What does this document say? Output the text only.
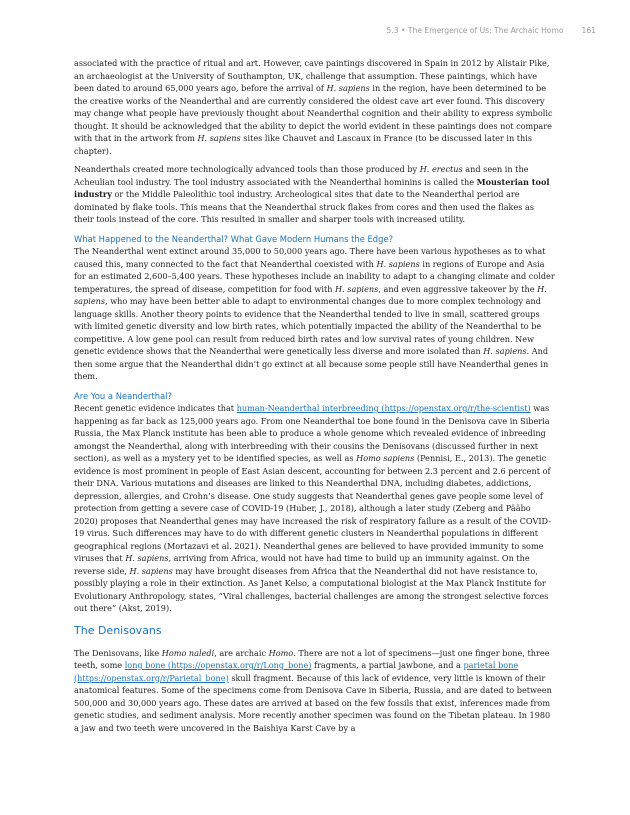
5.3 • The Emergence of Us: The Archaic Homo 161

associated with the practice of ritual and art. However, cave paintings discovered in Spain in 2012 by Alistair Pike, an archaeologist at the University of Southampton, UK, challenge that assumption. These paintings, which have been dated to around 65,000 years ago, before the arrival of H. sapiens in the region, have been determined to be the creative works of the Neanderthal and are currently considered the oldest cave art ever found. This discovery may change what people have previously thought about Neanderthal cognition and their ability to express symbolic thought. It should be acknowledged that the ability to depict the world evident in these paintings does not compare with that in the artwork from H. sapiens sites like Chauvet and Lascaux in France (to be discussed later in this chapter).

Neanderthals created more technologically advanced tools than those produced by H. erectus and seen in the Acheulian tool industry. The tool industry associated with the Neanderthal hominins is called the Mousterian tool industry or the Middle Paleolithic tool industry. Archeological sites that date to the Neanderthal period are dominated by flake tools. This means that the Neanderthal struck flakes from cores and then used the flakes as their tools instead of the core. This resulted in smaller and sharper tools with increased utility.

What Happened to the Neanderthal? What Gave Modern Humans the Edge?

The Neanderthal went extinct around 35,000 to 50,000 years ago. There have been various hypotheses as to what caused this, many connected to the fact that Neanderthal coexisted with H. sapiens in regions of Europe and Asia for an estimated 2,600–5,400 years. These hypotheses include an inability to adapt to a changing climate and colder temperatures, the spread of disease, competition for food with H. sapiens, and even aggressive takeover by the H. sapiens, who may have been better able to adapt to environmental changes due to more complex technology and language skills. Another theory points to evidence that the Neanderthal tended to live in small, scattered groups with limited genetic diversity and low birth rates, which potentially impacted the ability of the Neanderthal to be competitive. A low gene pool can result from reduced birth rates and low survival rates of young children. New genetic evidence shows that the Neanderthal were genetically less diverse and more isolated than H. sapiens. And then some argue that the Neanderthal didn’t go extinct at all because some people still have Neanderthal genes in them.

Are You a Neanderthal?

Recent genetic evidence indicates that human-Neanderthal interbreeding (https://openstax.org/r/the-scientist) was happening as far back as 125,000 years ago. From one Neanderthal toe bone found in the Denisova cave in Siberia Russia, the Max Planck institute has been able to produce a whole genome which revealed evidence of inbreeding amongst the Neanderthal, along with interbreeding with their cousins the Denisovans (discussed further in next section), as well as a mystery yet to be identified species, as well as Homo sapiens (Pennisi, E., 2013). The genetic evidence is most prominent in people of East Asian descent, accounting for between 2.3 percent and 2.6 percent of their DNA. Various mutations and diseases are linked to this Neanderthal DNA, including diabetes, addictions, depression, allergies, and Crohn’s disease. One study suggests that Neanderthal genes gave people some level of protection from getting a severe case of COVID-19 (Huber, J., 2018), although a later study (Zeberg and Pääbo 2020) proposes that Neanderthal genes may have increased the risk of respiratory failure as a result of the COVID-19 virus. Such differences may have to do with different genetic clusters in Neanderthal populations in different geographical regions (Mortazavi et al. 2021). Neanderthal genes are believed to have provided immunity to some viruses that H. sapiens, arriving from Africa, would not have had time to build up an immunity against. On the reverse side, H. sapiens may have brought diseases from Africa that the Neanderthal did not have resistance to, possibly playing a role in their extinction. As Janet Kelso, a computational biologist at the Max Planck Institute for Evolutionary Anthropology, states, “Viral challenges, bacterial challenges are among the strongest selective forces out there” (Akst, 2019).

The Denisovans

The Denisovans, like Homo naledi, are archaic Homo. There are not a lot of specimens—just one finger bone, three teeth, some long bone (https://openstax.org/r/Long_bone) fragments, a partial jawbone, and a parietal bone (https://openstax.org/r/Parietal_bone) skull fragment. Because of this lack of evidence, very little is known of their anatomical features. Some of the specimens come from Denisova Cave in Siberia, Russia, and are dated to between 500,000 and 30,000 years ago. These dates are arrived at based on the few fossils that exist, inferences made from genetic studies, and sediment analysis. More recently another specimen was found on the Tibetan plateau. In 1980 a jaw and two teeth were uncovered in the Baishiya Karst Cave by a
